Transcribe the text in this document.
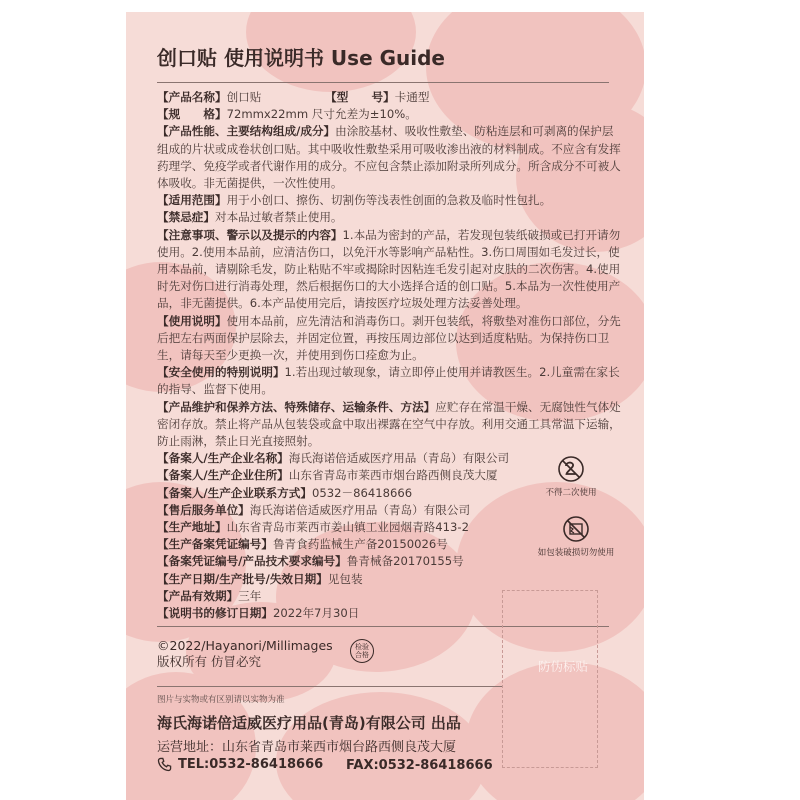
创口贴 使用说明书 Use Guide
【产品名称】创口贴　　　　　　【型　　号】卡通型
【规　　格】72mmx22mm 尺寸允差为±10%。
【产品性能、主要结构组成/成分】由涂胶基材、吸收性敷垫、防粘连层和可剥离的保护层组成的片状或成卷状创口贴。其中吸收性敷垫采用可吸收渗出液的材料制成。不应含有发挥药理学、免疫学或者代谢作用的成分。不应包含禁止添加附录所列成分。所含成分不可被人体吸收。非无菌提供，一次性使用。
【适用范围】用于小创口、擦伤、切割伤等浅表性创面的急救及临时性包扎。
【禁忌症】对本品过敏者禁止使用。
【注意事项、警示以及提示的内容】1.本品为密封的产品，若发现包装纸破损或已打开请勿使用。2.使用本品前，应清洁伤口，以免汗水等影响产品粘性。3.伤口周围如毛发过长，使用本品前，请剔除毛发，防止粘贴不牢或揭除时因粘连毛发引起对皮肤的二次伤害。4.使用时先对伤口进行消毒处理，然后根据伤口的大小选择合适的创口贴。5.本品为一次性使用产品，非无菌提供。6.本产品使用完后，请按医疗垃圾处理方法妥善处理。
【使用说明】使用本品前，应先清洁和消毒伤口。剥开包装纸，将敷垫对准伤口部位，分先后把左右两面保护层除去，并固定位置，再按压周边部位以达到适度粘贴。为保持伤口卫生，请每天至少更换一次，并使用到伤口痊愈为止。
【安全使用的特别说明】1.若出现过敏现象，请立即停止使用并请教医生。2.儿童需在家长的指导、监督下使用。
【产品维护和保养方法、特殊储存、运输条件、方法】应贮存在常温干燥、无腐蚀性气体处密闭存放。禁止将产品从包装袋或盒中取出裸露在空气中存放。利用交通工具常温下运输，防止雨淋，禁止日光直接照射。
【备案人/生产企业名称】海氏海诺倍适威医疗用品（青岛）有限公司
【备案人/生产企业住所】山东省青岛市莱西市烟台路西侧良茂大厦
【备案人/生产企业联系方式】0532－86418666
【售后服务单位】海氏海诺倍适威医疗用品（青岛）有限公司
【生产地址】山东省青岛市莱西市姜山镇工业园烟青路413-2
【生产备案凭证编号】鲁青食药监械生产备20150026号
【备案凭证编号/产品技术要求编号】鲁青械备20170155号
【生产日期/生产批号/失效日期】见包装
【产品有效期】三年
【说明书的修订日期】2022年7月30日
©2022/Hayanori/Millimages
版权所有 仿冒必究
检验
合格
图片与实物或有区别请以实物为准
海氏海诺倍适威医疗用品(青岛)有限公司 出品
运营地址：山东省青岛市莱西市烟台路西侧良茂大厦
TEL:0532-86418666 FAX:0532-86418666
不得二次使用
如包装破损切勿使用
防伪标贴
